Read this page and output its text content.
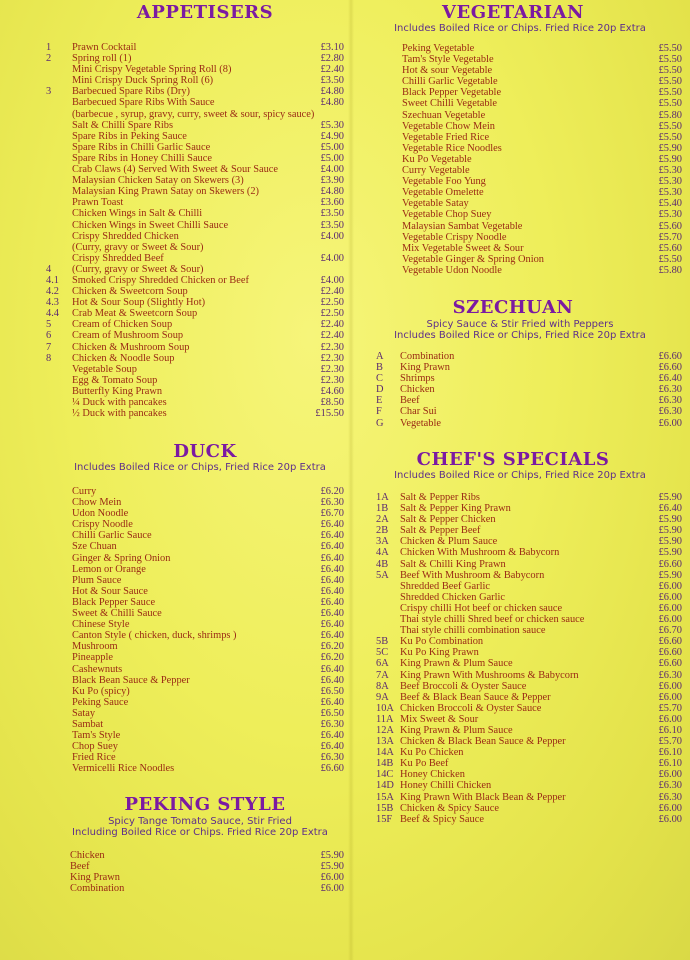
APPETISERS
1 Prawn Cocktail	£3.10
2 Spring roll (1)	£2.80
Mini Crispy Vegetable Spring Roll (8)	£2.40
Mini Crispy Duck Spring Roll (6)	£3.50
3 Barbecued Spare Ribs (Dry)	£4.80
Barbecued Spare Ribs With Sauce	£4.80
(barbecue , syrup, gravy, curry, sweet & sour, spicy sauce)
Salt & Chilli Spare Ribs	£5.30
Spare Ribs in Peking Sauce	£4.90
Spare Ribs in Chilli Garlic Sauce	£5.00
Spare Ribs in Honey Chilli Sauce	£5.00
Crab Claws (4) Served With Sweet & Sour Sauce	£4.00
Malaysian Chicken Satay on Skewers (3)	£3.90
Malaysian King Prawn Satay on Skewers (2)	£4.80
Prawn Toast	£3.60
Chicken Wings in Salt & Chilli	£3.50
Chicken Wings in Sweet Chilli Sauce	£3.50
Crispy Shredded Chicken	£4.00
(Curry, gravy or Sweet & Sour)
Crispy Shredded Beef	£4.00
4 (Curry, gravy or Sweet & Sour)
4.1 Smoked Crispy Shredded Chicken or Beef	£4.00
4.2 Chicken & Sweetcorn Soup	£2.40
4.3 Hot & Sour Soup (Slightly Hot)	£2.50
4.4 Crab Meat & Sweetcorn Soup	£2.50
5 Cream of Chicken Soup	£2.40
6 Cream of Mushroom Soup	£2.40
7 Chicken & Mushroom Soup	£2.30
8 Chicken & Noodle Soup	£2.30
Vegetable Soup	£2.30
Egg & Tomato Soup	£2.30
Butterfly King Prawn	£4.60
¼ Duck with pancakes	£8.50
½ Duck with pancakes	£15.50
DUCK
Includes Boiled Rice or Chips, Fried Rice 20p Extra
Curry	£6.20
Chow Mein	£6.30
Udon Noodle	£6.70
Crispy Noodle	£6.40
Chilli Garlic Sauce	£6.40
Sze Chuan	£6.40
Ginger & Spring Onion	£6.40
Lemon or Orange	£6.40
Plum Sauce	£6.40
Hot & Sour Sauce	£6.40
Black Pepper Sauce	£6.40
Sweet & Chilli Sauce	£6.40
Chinese Style	£6.40
Canton Style ( chicken, duck, shrimps )	£6.40
Mushroom	£6.20
Pineapple	£6.20
Cashewnuts	£6.40
Black Bean Sauce & Pepper	£6.40
Ku Po (spicy)	£6.50
Peking Sauce	£6.40
Satay	£6.50
Sambat	£6.30
Tam's Style	£6.40
Chop Suey	£6.40
Fried Rice	£6.30
Vermicelli Rice Noodles	£6.60
PEKING STYLE
Spicy Tange Tomato Sauce, Stir Fried
Including Boiled Rice or Chips. Fried Rice 20p Extra
Chicken	£5.90
Beef	£5.90
King Prawn	£6.00
Combination	£6.00
VEGETARIAN
Includes Boiled Rice or Chips. Fried Rice 20p Extra
Peking Vegetable	£5.50
Tam's Style Vegetable	£5.50
Hot & sour Vegetable	£5.50
Chilli Garlic Vegetable	£5.50
Black Pepper Vegetable	£5.50
Sweet Chilli Vegetable	£5.50
Szechuan Vegetable	£5.80
Vegetable Chow Mein	£5.50
Vegetable Fried Rice	£5.50
Vegetable Rice Noodles	£5.90
Ku Po Vegetable	£5.90
Curry Vegetable	£5.30
Vegetable Foo Yung	£5.30
Vegetable Omelette	£5.30
Vegetable Satay	£5.40
Vegetable Chop Suey	£5.30
Malaysian Sambat Vegetable	£5.60
Vegetable Crispy Noodle	£5.70
Mix Vegetable Sweet & Sour	£5.60
Vegetable Ginger & Spring Onion	£5.50
Vegetable Udon Noodle	£5.80
SZECHUAN
Spicy Sauce & Stir Fried with Peppers
Includes Boiled Rice or Chips, Fried Rice 20p Extra
A Combination	£6.60
B King Prawn	£6.60
C Shrimps	£6.40
D Chicken	£6.30
E Beef	£6.30
F Char Sui	£6.30
G Vegetable	£6.00
CHEF'S SPECIALS
Includes Boiled Rice or Chips, Fried Rice 20p Extra
1A Salt & Pepper Ribs	£5.90
1B Salt & Pepper King Prawn	£6.40
2A Salt & Pepper Chicken	£5.90
2B Salt & Pepper Beef	£5.90
3A Chicken & Plum Sauce	£5.90
4A Chicken With Mushroom & Babycorn	£5.90
4B Salt & Chilli King Prawn	£6.60
5A Beef With Mushroom & Babycorn	£5.90
Shredded Beef Garlic	£6.00
Shredded Chicken Garlic	£6.00
Crispy chilli Hot beef or chicken sauce	£6.00
Thai style chilli Shred beef or chicken sauce	£6.00
Thai style chilli combination sauce	£6.70
5B Ku Po Combination	£6.60
5C Ku Po King Prawn	£6.60
6A King Prawn & Plum Sauce	£6.60
7A King Prawn With Mushrooms & Babycorn	£6.30
8A Beef Broccoli & Oyster Sauce	£6.00
9A Beef & Black Bean Sauce & Pepper	£6.00
10A Chicken Broccoli & Oyster Sauce	£5.70
11A Mix Sweet & Sour	£6.00
12A King Prawn & Plum Sauce	£6.10
13A Chicken & Black Bean Sauce & Pepper	£5.70
14A Ku Po Chicken	£6.10
14B Ku Po Beef	£6.10
14C Honey Chicken	£6.00
14D Honey Chilli Chicken	£6.30
15A King Prawn With Black Bean & Pepper	£6.30
15B Chicken & Spicy Sauce	£6.00
15F Beef & Spicy Sauce	£6.00
